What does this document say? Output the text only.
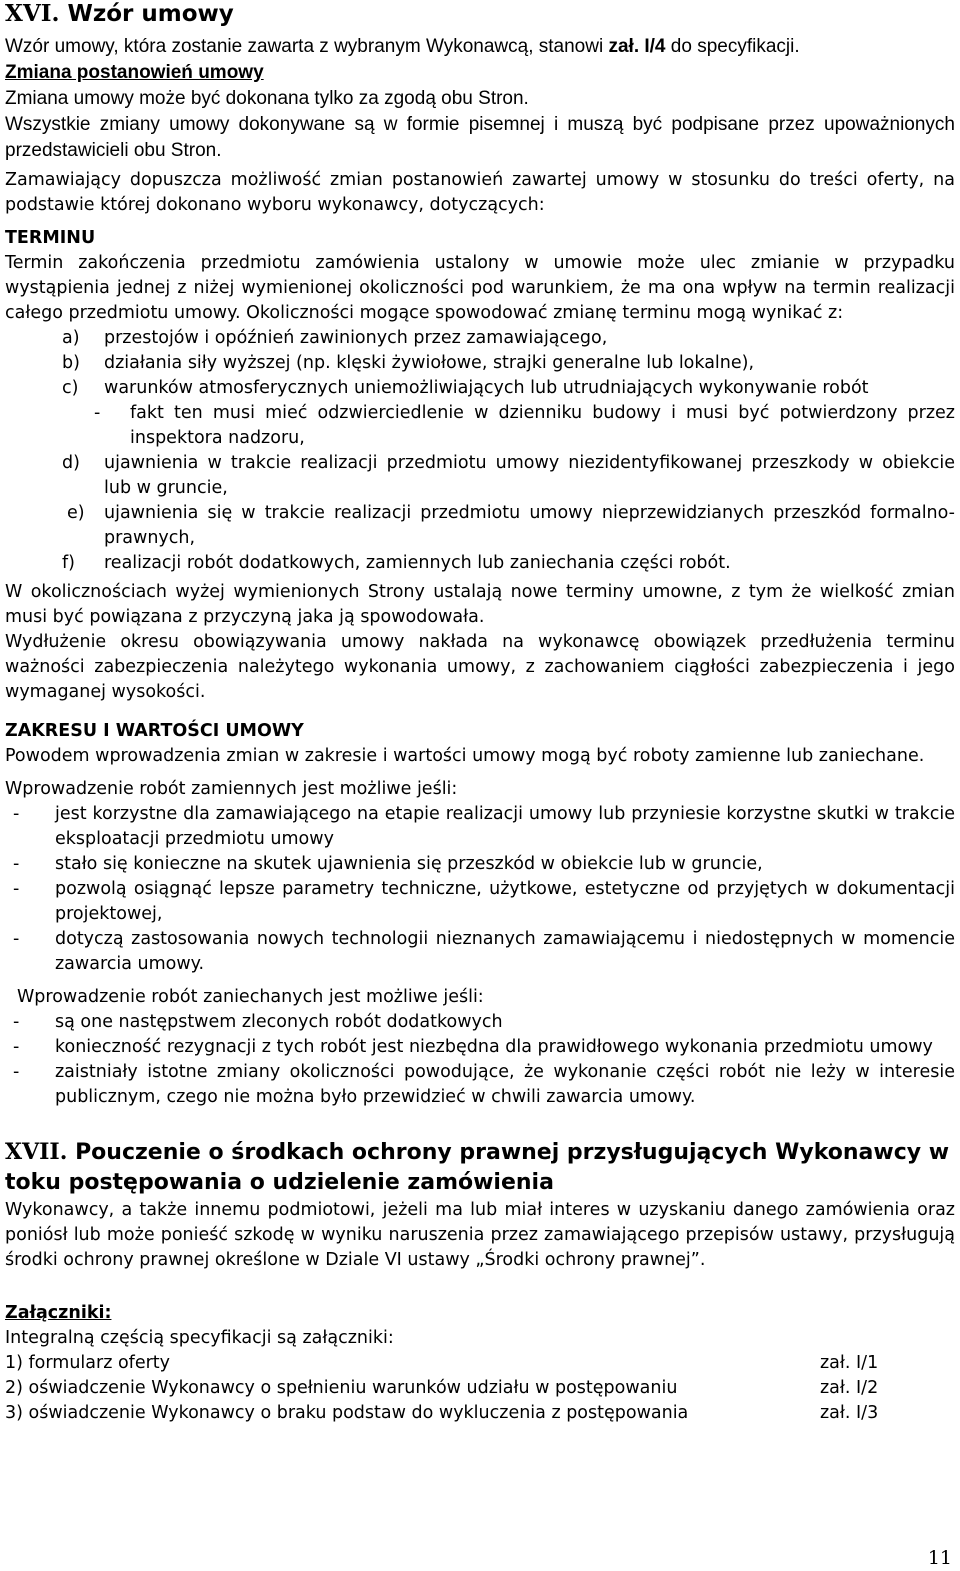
XVI. Wzór umowy

Wzór umowy, która zostanie zawarta z wybranym Wykonawcą, stanowi zał. I/4 do specyfikacji.

Zmiana postanowień umowy

Zmiana umowy może być dokonana tylko za zgodą obu Stron.

Wszystkie zmiany umowy dokonywane są w formie pisemnej i muszą być podpisane przez upoważnionych przedstawicieli obu Stron.

Zamawiający dopuszcza możliwość zmian postanowień zawartej umowy w stosunku do treści oferty, na podstawie której dokonano wyboru wykonawcy, dotyczących:

TERMINU

Termin zakończenia przedmiotu zamówienia ustalony w umowie może ulec zmianie w przypadku wystąpienia jednej z niżej wymienionej okoliczności pod warunkiem, że ma ona wpływ na termin realizacji całego przedmiotu umowy. Okoliczności mogące spowodować zmianę terminu mogą wynikać z:

a) przestojów i opóźnień zawinionych przez zamawiającego,
b) działania siły wyższej (np. klęski żywiołowe, strajki generalne lub lokalne),
c) warunków atmosferycznych uniemożliwiających lub utrudniających wykonywanie robót
- fakt ten musi mieć odzwierciedlenie w dzienniku budowy i musi być potwierdzony przez inspektora nadzoru,
d) ujawnienia w trakcie realizacji przedmiotu umowy niezidentyfikowanej przeszkody w obiekcie lub w gruncie,
e) ujawnienia się w trakcie realizacji przedmiotu umowy nieprzewidzianych przeszkód formalno-prawnych,
f) realizacji robót dodatkowych, zamiennych lub zaniechania części robót.

W okolicznościach wyżej wymienionych Strony ustalają nowe terminy umowne, z tym że wielkość zmian musi być powiązana z przyczyną jaka ją spowodowała.

Wydłużenie okresu obowiązywania umowy nakłada na wykonawcę obowiązek przedłużenia terminu ważności zabezpieczenia należytego wykonania umowy, z zachowaniem ciągłości zabezpieczenia i jego wymaganej wysokości.

ZAKRESU I WARTOŚCI UMOWY

Powodem wprowadzenia zmian w zakresie i wartości umowy mogą być roboty zamienne lub zaniechane.

Wprowadzenie robót zamiennych jest możliwe jeśli:

- jest korzystne dla zamawiającego na etapie realizacji umowy lub przyniesie korzystne skutki w trakcie eksploatacji przedmiotu umowy
- stało się konieczne na skutek ujawnienia się przeszkód w obiekcie lub w gruncie,
- pozwolą osiągnąć lepsze parametry techniczne, użytkowe, estetyczne od przyjętych w dokumentacji projektowej,
- dotyczą zastosowania nowych technologii nieznanych zamawiającemu i niedostępnych w momencie zawarcia umowy.

Wprowadzenie robót zaniechanych jest możliwe jeśli:

- są one następstwem zleconych robót dodatkowych
- konieczność rezygnacji z tych robót jest niezbędna dla prawidłowego wykonania przedmiotu umowy
- zaistniały istotne zmiany okoliczności powodujące, że wykonanie części robót nie leży w interesie publicznym, czego nie można było przewidzieć w chwili zawarcia umowy.
XVII. Pouczenie o środkach ochrony prawnej przysługujących Wykonawcy w toku postępowania o udzielenie zamówienia

Wykonawcy, a także innemu podmiotowi, jeżeli ma lub miał interes w uzyskaniu danego zamówienia oraz poniósł lub może ponieść szkodę w wyniku naruszenia przez zamawiającego przepisów ustawy, przysługują środki ochrony prawnej określone w Dziale VI ustawy „Środki ochrony prawnej”.

Załączniki:

Integralną częścią specyfikacji są załączniki:

1) formularz oferty	zał. I/1
2) oświadczenie Wykonawcy o spełnieniu warunków udziału w postępowaniu	zał. I/2
3) oświadczenie Wykonawcy o braku podstaw do wykluczenia z postępowania	zał. I/3
11
